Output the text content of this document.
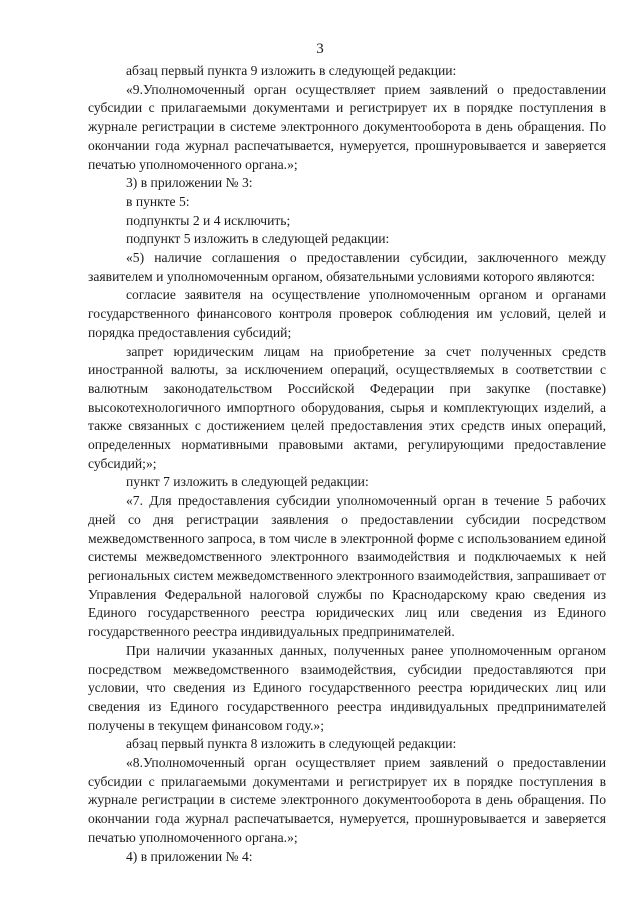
3

абзац первый пункта 9 изложить в следующей редакции:

«9.Уполномоченный орган осуществляет прием заявлений о предоставлении субсидии с прилагаемыми документами и регистрирует их в порядке поступления в журнале регистрации в системе электронного документооборота в день обращения. По окончании года журнал распечатывается, нумеруется, прошнуровывается и заверяется печатью уполномоченного органа.»;

3) в приложении № 3:

в пункте 5:

подпункты 2 и 4 исключить;

подпункт 5 изложить в следующей редакции:

«5) наличие соглашения о предоставлении субсидии, заключенного между заявителем и уполномоченным органом, обязательными условиями которого являются:

согласие заявителя на осуществление уполномоченным органом и органами государственного финансового контроля проверок соблюдения им условий, целей и порядка предоставления субсидий;

запрет юридическим лицам на приобретение за счет полученных средств иностранной валюты, за исключением операций, осуществляемых в соответствии с валютным законодательством Российской Федерации при закупке (поставке) высокотехнологичного импортного оборудования, сырья и комплектующих изделий, а также связанных с достижением целей предоставления этих средств иных операций, определенных нормативными правовыми актами, регулирующими предоставление субсидий;»;

пункт 7 изложить в следующей редакции:

«7. Для предоставления субсидии уполномоченный орган в течение 5 рабочих дней со дня регистрации заявления о предоставлении субсидии посредством межведомственного запроса, в том числе в электронной форме с использованием единой системы межведомственного электронного взаимодействия и подключаемых к ней региональных систем межведомственного электронного взаимодействия, запрашивает от Управления Федеральной налоговой службы по Краснодарскому краю сведения из Единого государственного реестра юридических лиц или сведения из Единого государственного реестра индивидуальных предпринимателей.

При наличии указанных данных, полученных ранее уполномоченным органом посредством межведомственного взаимодействия, субсидии предоставляются при условии, что сведения из Единого государственного реестра юридических лиц или сведения из Единого государственного реестра индивидуальных предпринимателей получены в текущем финансовом году.»;

абзац первый пункта 8 изложить в следующей редакции:

«8.Уполномоченный орган осуществляет прием заявлений о предоставлении субсидии с прилагаемыми документами и регистрирует их в порядке поступления в журнале регистрации в системе электронного документооборота в день обращения. По окончании года журнал распечатывается, нумеруется, прошнуровывается и заверяется печатью уполномоченного органа.»;

4) в приложении № 4:
